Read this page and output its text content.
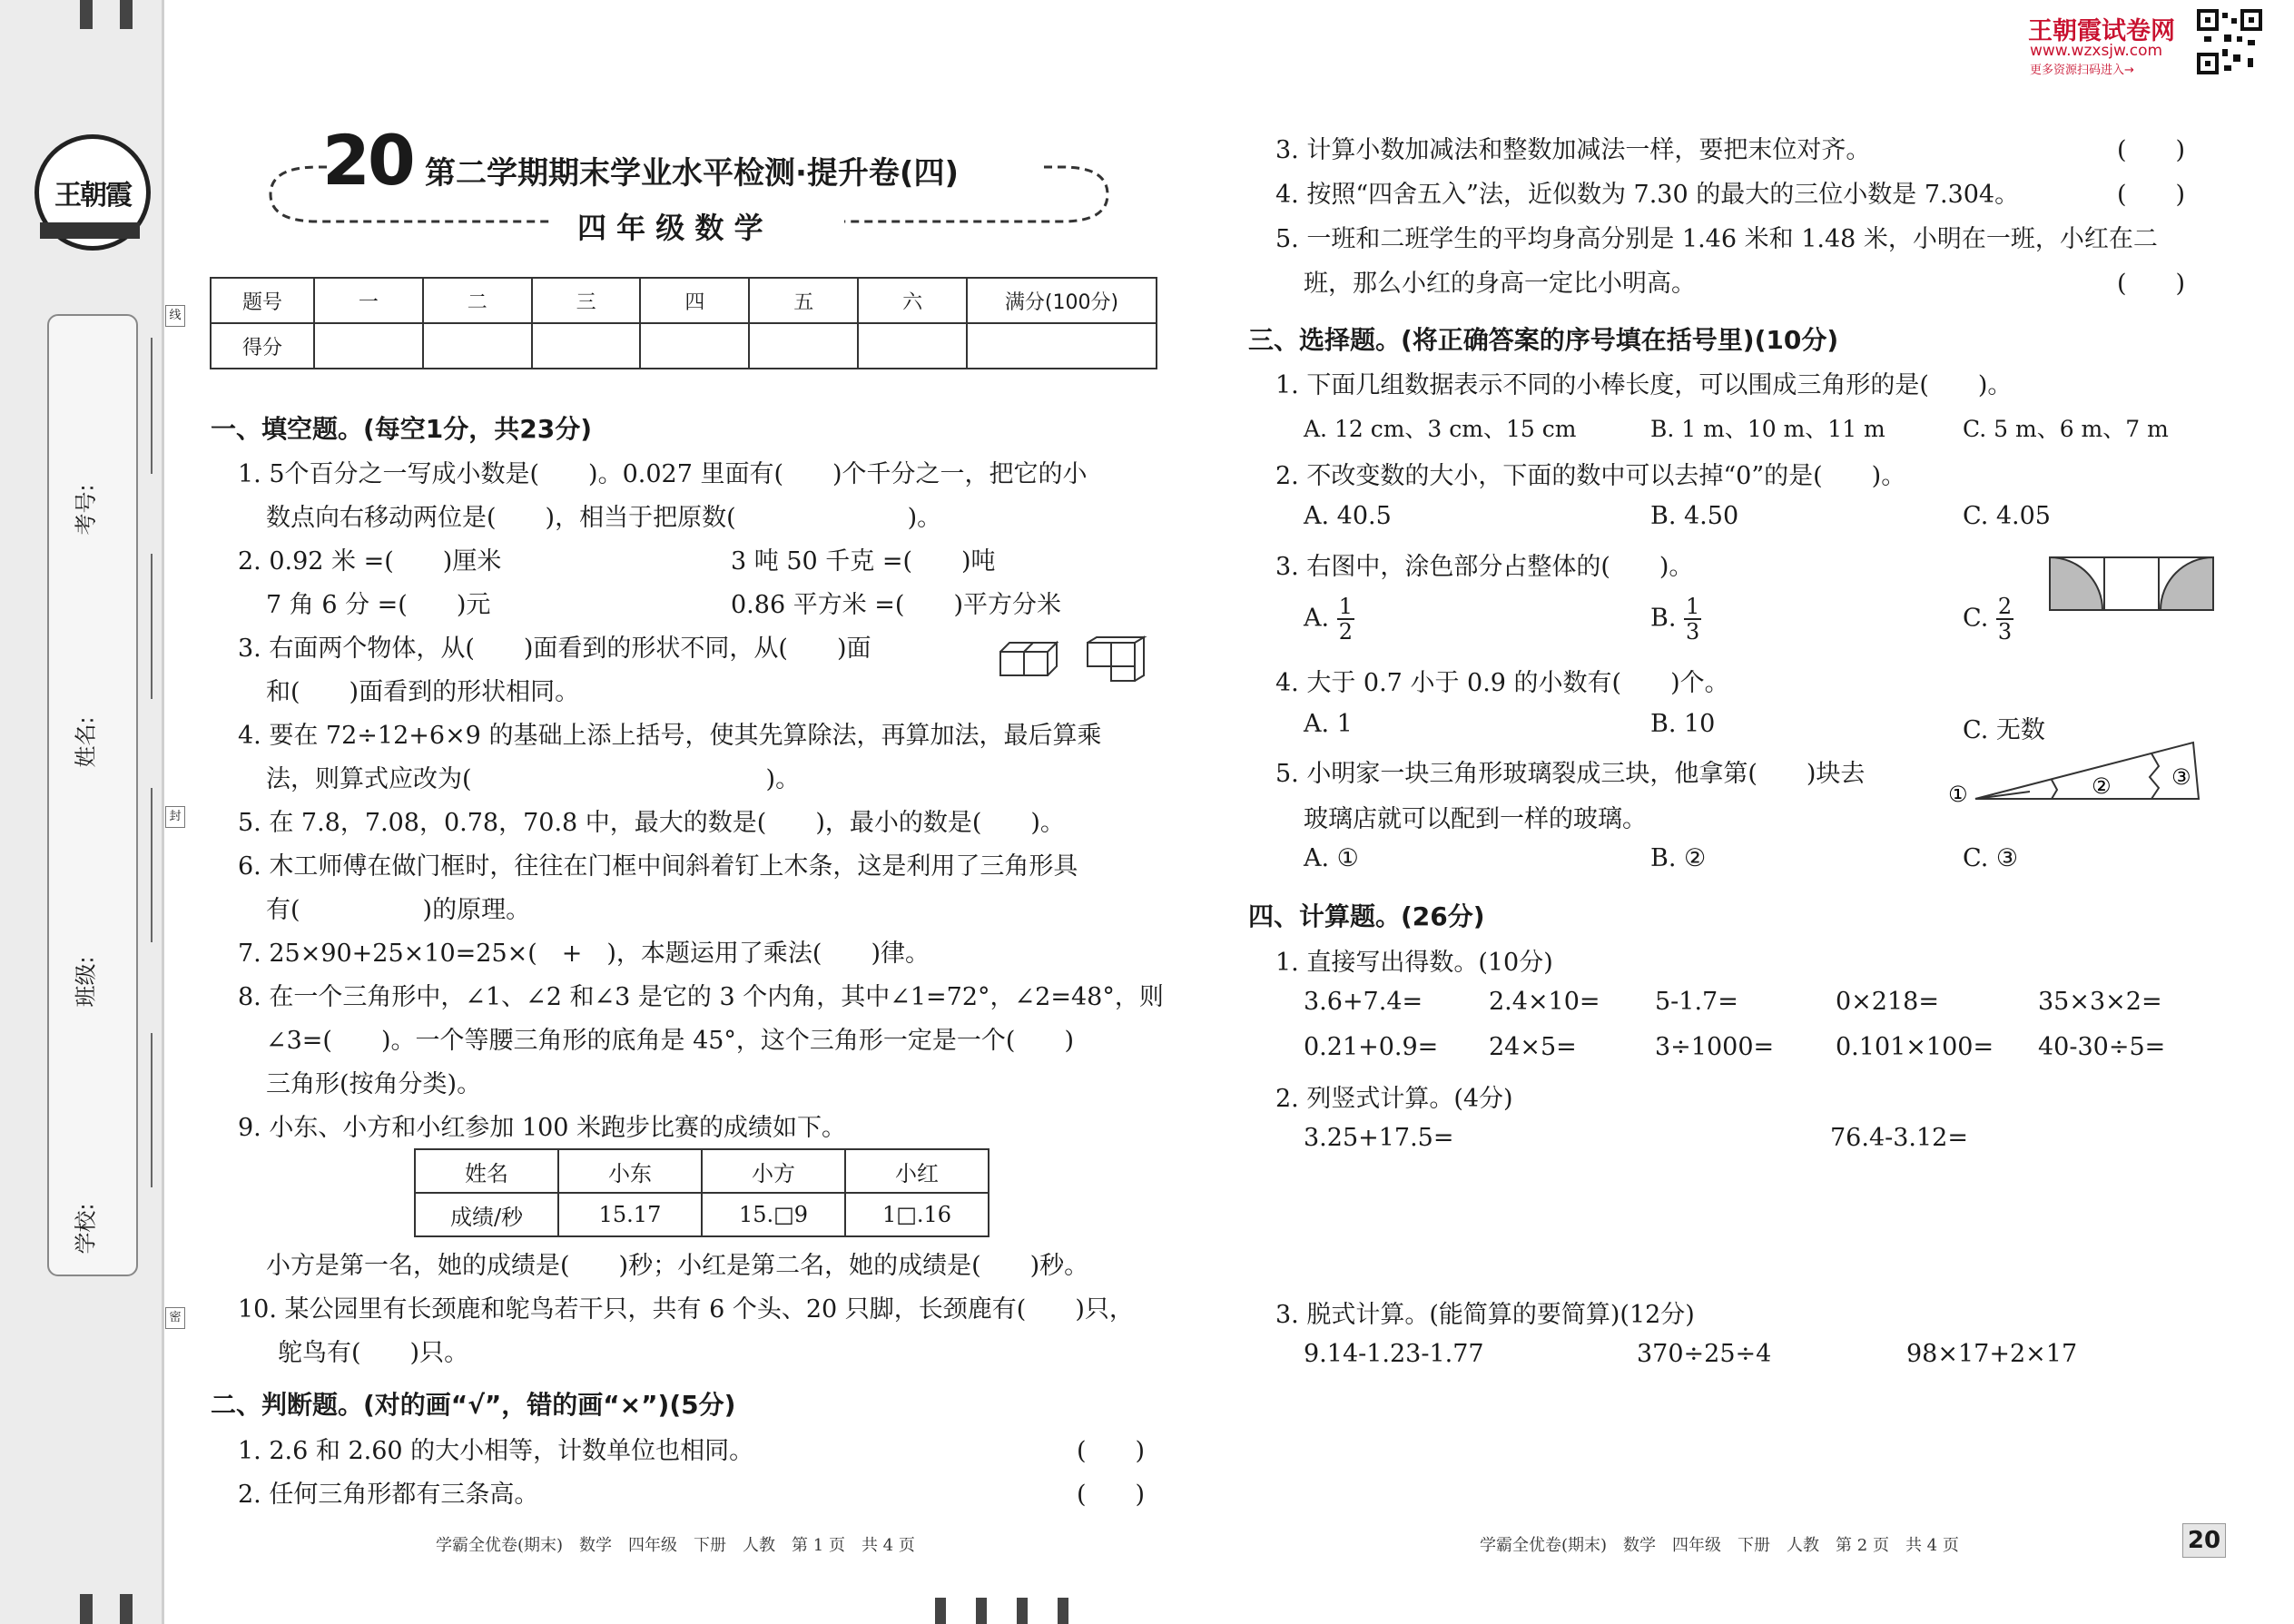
王朝霞
考号:
姓名:
班级:
学校:
线
封
密
20 第二学期期末学业水平检测·提升卷(四)
四 年 级 数 学
王朝霞试卷网
www.wzxsjw.com
更多资源扫码进入→
题号	一	二	三	四	五	六	满分(100分)
得分							
一、填空题。(每空1分，共23分)
1. 5个百分之一写成小数是(　　)。0.027 里面有(　　)个千分之一，把它的小
数点向右移动两位是(　　)，相当于把原数(　　　　　　　)。
2. 0.92 米 =(　　)厘米	3 吨 50 千克 =(　　)吨
7 角 6 分 =(　　)元	0.86 平方米 =(　　)平方分米
3. 右面两个物体，从(　　)面看到的形状不同，从(　　)面
和(　　)面看到的形状相同。
4. 要在 72÷12+6×9 的基础上添上括号，使其先算除法，再算加法，最后算乘
法，则算式应改为(　　　　　　　　　　　　)。
5. 在 7.8，7.08，0.78，70.8 中，最大的数是(　　)，最小的数是(　　)。
6. 木工师傅在做门框时，往往在门框中间斜着钉上木条，这是利用了三角形具
有(　　　　　)的原理。
7. 25×90+25×10=25×(　+　)，本题运用了乘法(　　)律。
8. 在一个三角形中，∠1、∠2 和∠3 是它的 3 个内角，其中∠1=72°，∠2=48°，则
∠3=(　　)。一个等腰三角形的底角是 45°，这个三角形一定是一个(　　)
三角形(按角分类)。
9. 小东、小方和小红参加 100 米跑步比赛的成绩如下。
姓名	小东	小方	小红
成绩/秒	15.17	15.□9	1□.16
小方是第一名，她的成绩是(　　)秒；小红是第二名，她的成绩是(　　)秒。
10. 某公园里有长颈鹿和鸵鸟若干只，共有 6 个头、20 只脚，长颈鹿有(　　)只，
鸵鸟有(　　)只。
二、判断题。(对的画“√”，错的画“×”)(5分)
1. 2.6 和 2.60 的大小相等，计数单位也相同。	(　　)
2. 任何三角形都有三条高。	(　　)
学霸全优卷(期末)　数学　四年级　下册　人教　第 1 页　共 4 页
3. 计算小数加减法和整数加减法一样，要把末位对齐。	(　　)
4. 按照“四舍五入”法，近似数为 7.30 的最大的三位小数是 7.304。	(　　)
5. 一班和二班学生的平均身高分别是 1.46 米和 1.48 米，小明在一班，小红在二
班，那么小红的身高一定比小明高。	(　　)
三、选择题。(将正确答案的序号填在括号里)(10分)
1. 下面几组数据表示不同的小棒长度，可以围成三角形的是(　　)。
A. 12 cm、3 cm、15 cm	B. 1 m、10 m、11 m	C. 5 m、6 m、7 m
2. 不改变数的大小，下面的数中可以去掉“0”的是(　　)。
A. 40.5	B. 4.50	C. 4.05
3. 右图中，涂色部分占整体的(　　)。
A. $\frac{1}{2}$	B. $\frac{1}{3}$	C. $\frac{2}{3}$
4. 大于 0.7 小于 0.9 的小数有(　　)个。
A. 1	B. 10	C. 无数
5. 小明家一块三角形玻璃裂成三块，他拿第(　　)块去
玻璃店就可以配到一样的玻璃。
①	②	③
A. ①	B. ②	C. ③
四、计算题。(26分)
1. 直接写出得数。(10分)
3.6+7.4=	2.4×10= 5-1.7=	0×218=	35×3×2=
0.21+0.9= 24×5=	3÷1000=	0.101×100= 40-30÷5=
2. 列竖式计算。(4分)
3.25+17.5=	76.4-3.12=
3. 脱式计算。(能简算的要简算)(12分)
9.14-1.23-1.77	370÷25÷4	98×17+2×17
学霸全优卷(期末)　数学　四年级　下册　人教　第 2 页　共 4 页	20
